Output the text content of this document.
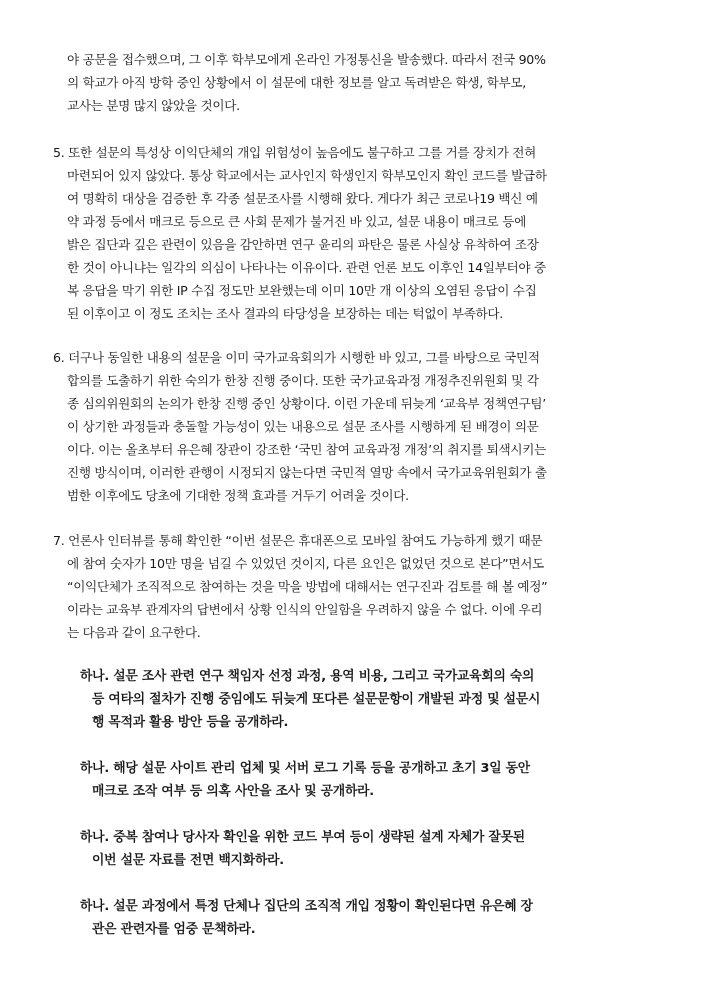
야 공문을 접수했으며, 그 이후 학부모에게 온라인 가정통신을 발송했다. 따라서 전국 90%
의 학교가 아직 방학 중인 상황에서 이 설문에 대한 정보를 알고 독려받은 학생, 학부모,
교사는 분명 많지 않았을 것이다.
5. 또한 설문의 특성상 이익단체의 개입 위험성이 높음에도 불구하고 그를 거를 장치가 전혀
마련되어 있지 않았다. 통상 학교에서는 교사인지 학생인지 학부모인지 확인 코드를 발급하
여 명확히 대상을 검증한 후 각종 설문조사를 시행해 왔다. 게다가 최근 코로나19 백신 예
약 과정 등에서 매크로 등으로 큰 사회 문제가 불거진 바 있고, 설문 내용이 매크로 등에
밝은 집단과 깊은 관련이 있음을 감안하면 연구 윤리의 파탄은 물론 사실상 유착하여 조장
한 것이 아니냐는 일각의 의심이 나타나는 이유이다. 관련 언론 보도 이후인 14일부터야 중
복 응답을 막기 위한 IP 수집 정도만 보완했는데 이미 10만 개 이상의 오염된 응답이 수집
된 이후이고 이 정도 조치는 조사 결과의 타당성을 보장하는 데는 턱없이 부족하다.
6. 더구나 동일한 내용의 설문을 이미 국가교육회의가 시행한 바 있고, 그를 바탕으로 국민적
합의를 도출하기 위한 숙의가 한창 진행 중이다. 또한 국가교육과정 개정추진위원회 및 각
종 심의위원회의 논의가 한창 진행 중인 상황이다. 이런 가운데 뒤늦게 ‘교육부 정책연구팀’
이 상기한 과정들과 충돌할 가능성이 있는 내용으로 설문 조사를 시행하게 된 배경이 의문
이다. 이는 올초부터 유은혜 장관이 강조한 ‘국민 참여 교육과정 개정’의 취지를 퇴색시키는
진행 방식이며, 이러한 관행이 시정되지 않는다면 국민적 열망 속에서 국가교육위원회가 출
범한 이후에도 당초에 기대한 정책 효과를 거두기 어려울 것이다.
7. 언론사 인터뷰를 통해 확인한 “이번 설문은 휴대폰으로 모바일 참여도 가능하게 했기 때문
에 참여 숫자가 10만 명을 넘길 수 있었던 것이지, 다른 요인은 없었던 것으로 본다”면서도
“이익단체가 조직적으로 참여하는 것을 막을 방법에 대해서는 연구진과 검토를 해 볼 예정”
이라는 교육부 관계자의 답변에서 상황 인식의 안일함을 우려하지 않을 수 없다. 이에 우리
는 다음과 같이 요구한다.
하나. 설문 조사 관련 연구 책임자 선정 과정, 용역 비용, 그리고 국가교육회의 숙의
등 여타의 절차가 진행 중임에도 뒤늦게 또다른 설문문항이 개발된 과정 및 설문시
행 목적과 활용 방안 등을 공개하라.
하나. 해당 설문 사이트 관리 업체 및 서버 로그 기록 등을 공개하고 초기 3일 동안
매크로 조작 여부 등 의혹 사안을 조사 및 공개하라.
하나. 중복 참여나 당사자 확인을 위한 코드 부여 등이 생략된 설계 자체가 잘못된
이번 설문 자료를 전면 백지화하라.
하나. 설문 과정에서 특정 단체나 집단의 조직적 개입 정황이 확인된다면 유은혜 장
관은 관련자를 엄중 문책하라.
